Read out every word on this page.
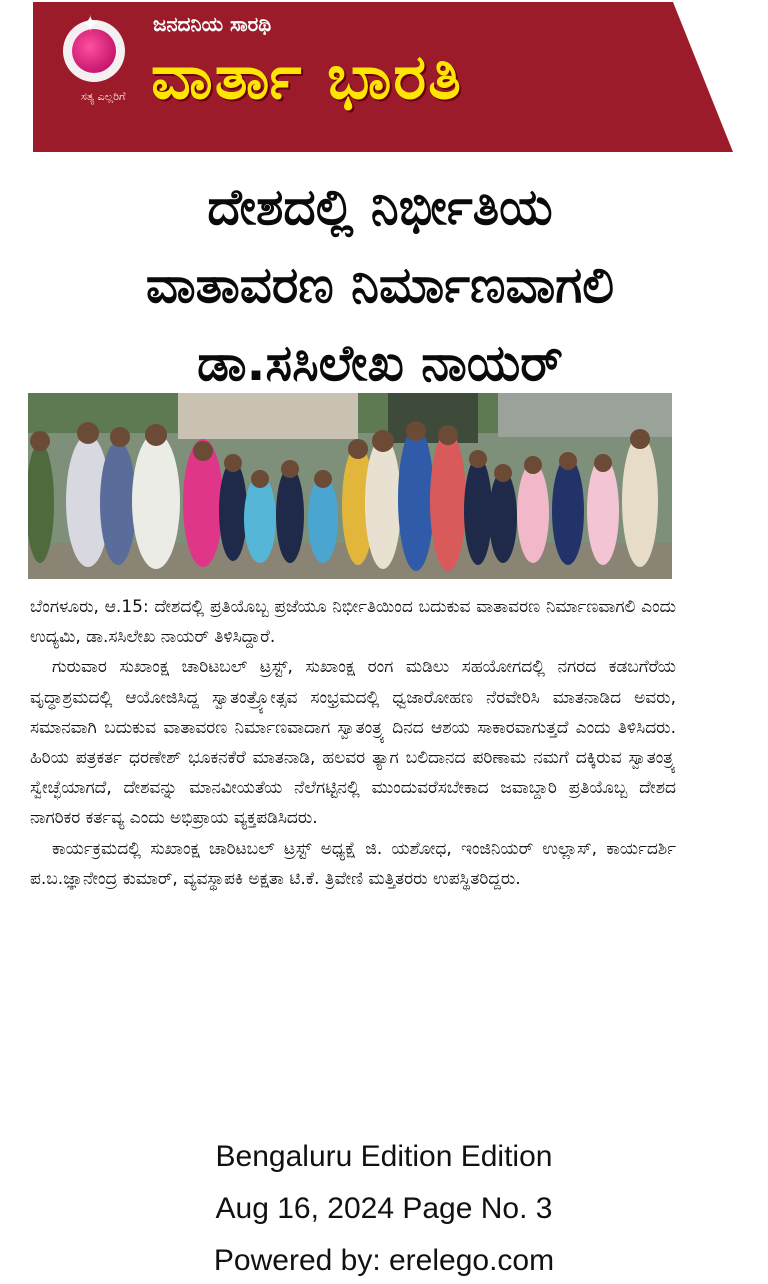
✦
ಸತ್ಯ ಎಲ್ಲರಿಗೆ
ಜನದನಿಯ ಸಾರಥಿ
ವಾರ್ತಾ ಭಾರತಿ
ದೇಶದಲ್ಲಿ ನಿರ್ಭೀತಿಯ
ವಾತಾವರಣ ನಿರ್ಮಾಣವಾಗಲಿ
ಡಾ.ಸಸಿಲೇಖ ನಾಯರ್

ಬೆಂಗಳೂರು, ಆ.15: ದೇಶದಲ್ಲಿ ಪ್ರತಿಯೊಬ್ಬ ಪ್ರಜೆಯೂ ನಿರ್ಭೀತಿಯಿಂದ ಬದುಕುವ ವಾತಾವರಣ ನಿರ್ಮಾಣವಾಗಲಿ ಎಂದು ಉದ್ಯಮಿ, ಡಾ.ಸಸಿಲೇಖ ನಾಯರ್ ತಿಳಿಸಿದ್ದಾರೆ.

ಗುರುವಾರ ಸುಖಾಂಕ್ಷ ಚಾರಿಟಬಲ್ ಟ್ರಸ್ಟ್, ಸುಖಾಂಕ್ಷ ರಂಗ ಮಡಿಲು ಸಹಯೋಗದಲ್ಲಿ ನಗರದ ಕಡಬಗೆರೆಯ ವೃದ್ಧಾಶ್ರಮದಲ್ಲಿ ಆಯೋಜಿಸಿದ್ದ ಸ್ವಾತಂತ್ರ್ಯೋತ್ಸವ ಸಂಭ್ರಮದಲ್ಲಿ ಧ್ವಜಾರೋಹಣ ನೆರವೇರಿಸಿ ಮಾತನಾಡಿದ ಅವರು, ಸಮಾನವಾಗಿ ಬದುಕುವ ವಾತಾವರಣ ನಿರ್ಮಾಣವಾದಾಗ ಸ್ವಾತಂತ್ರ್ಯ ದಿನದ ಆಶಯ ಸಾಕಾರವಾಗುತ್ತದೆ ಎಂದು ತಿಳಿಸಿದರು. ಹಿರಿಯ ಪತ್ರಕರ್ತ ಧರಣೇಶ್ ಭೂಕನಕೆರೆ ಮಾತನಾಡಿ, ಹಲವರ ತ್ಯಾಗ ಬಲಿದಾನದ ಪರಿಣಾಮ ನಮಗೆ ದಕ್ಕಿರುವ ಸ್ವಾತಂತ್ರ್ಯ ಸ್ವೇಚ್ಛೆಯಾಗದೆ, ದೇಶವನ್ನು ಮಾನವೀಯತೆಯ ನೆಲೆಗಟ್ಟಿನಲ್ಲಿ ಮುಂದುವರೆಸಬೇಕಾದ ಜವಾಬ್ದಾರಿ ಪ್ರತಿಯೊಬ್ಬ ದೇಶದ ನಾಗರಿಕರ ಕರ್ತವ್ಯ ಎಂದು ಅಭಿಪ್ರಾಯ ವ್ಯಕ್ತಪಡಿಸಿದರು.

ಕಾರ್ಯಕ್ರಮದಲ್ಲಿ ಸುಖಾಂಕ್ಷ ಚಾರಿಟಬಲ್ ಟ್ರಸ್ಟ್ ಅಧ್ಯಕ್ಷೆ ಜಿ. ಯಶೋಧ, ಇಂಜಿನಿಯರ್ ಉಲ್ಲಾಸ್, ಕಾರ್ಯದರ್ಶಿ ಪ.ಬ.ಜ್ಞಾನೇಂದ್ರ ಕುಮಾರ್, ವ್ಯವಸ್ಥಾಪಕಿ ಅಕ್ಷತಾ ಟಿ.ಕೆ. ತ್ರಿವೇಣಿ ಮತ್ತಿತರರು ಉಪಸ್ಥಿತರಿದ್ದರು.

Bengaluru Edition Edition
Aug 16, 2024 Page No. 3
Powered by: erelego.com
